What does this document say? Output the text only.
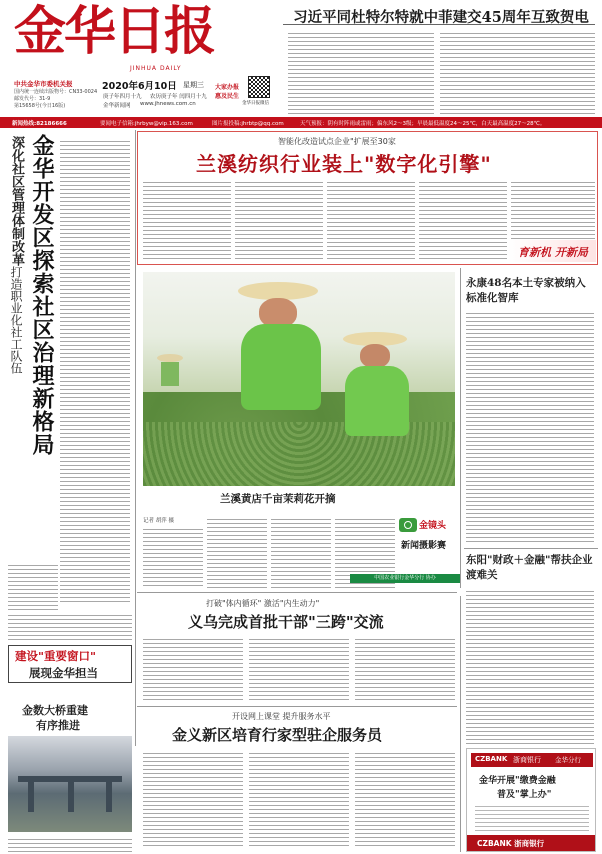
金华日报
JINHUA DAILY
中共金华市委机关报
国内统一连续出版物号：CN33-0024
邮发代号：31-9
第15658号(今日16版)
2020年6月10日 星期三
庚子年四月十九 农历庚子年 闰四月十九
金华新闻网 www.jhnews.com.cn
大家办报
惠及民生
金华日报微信
习近平同杜特尔特就中菲建交45周年互致贺电
新闻热线:82186666	要闻电子信箱:jhrbyw@vip.163.com	图片报投稿:jhrbtp@qq.com	天气预报：阴有时阵雨或雷雨；偏东风2～3级；早晨最低温度24～25℃，白天最高温度27～28℃。
深化社区管理体制改革
打造职业化社工队伍 金华开发区探索社区治理新格局
建设"重要窗口"
展现金华担当
金数大桥重建
有序推进
智能化改造试点企业"扩展至30家
兰溪纺织行业装上"数字化引擎"
育新机 开新局
记者 胡萍 摄
兰溪黄店千亩茉莉花开摘
金镜头
新闻摄影赛
中国农业银行金华分行 协办
永康48名本土专家被纳入标准化智库
东阳"财政＋金融"帮扶企业渡难关
CZBANK 浙商银行 金华分行
金华开展"缴费金融
普及"掌上办"
CZBANK 浙商银行
打破"体内循环" 激活"内生动力"
义乌完成首批干部"三跨"交流
开设网上课堂 提升服务水平
金义新区培育行家型驻企服务员
